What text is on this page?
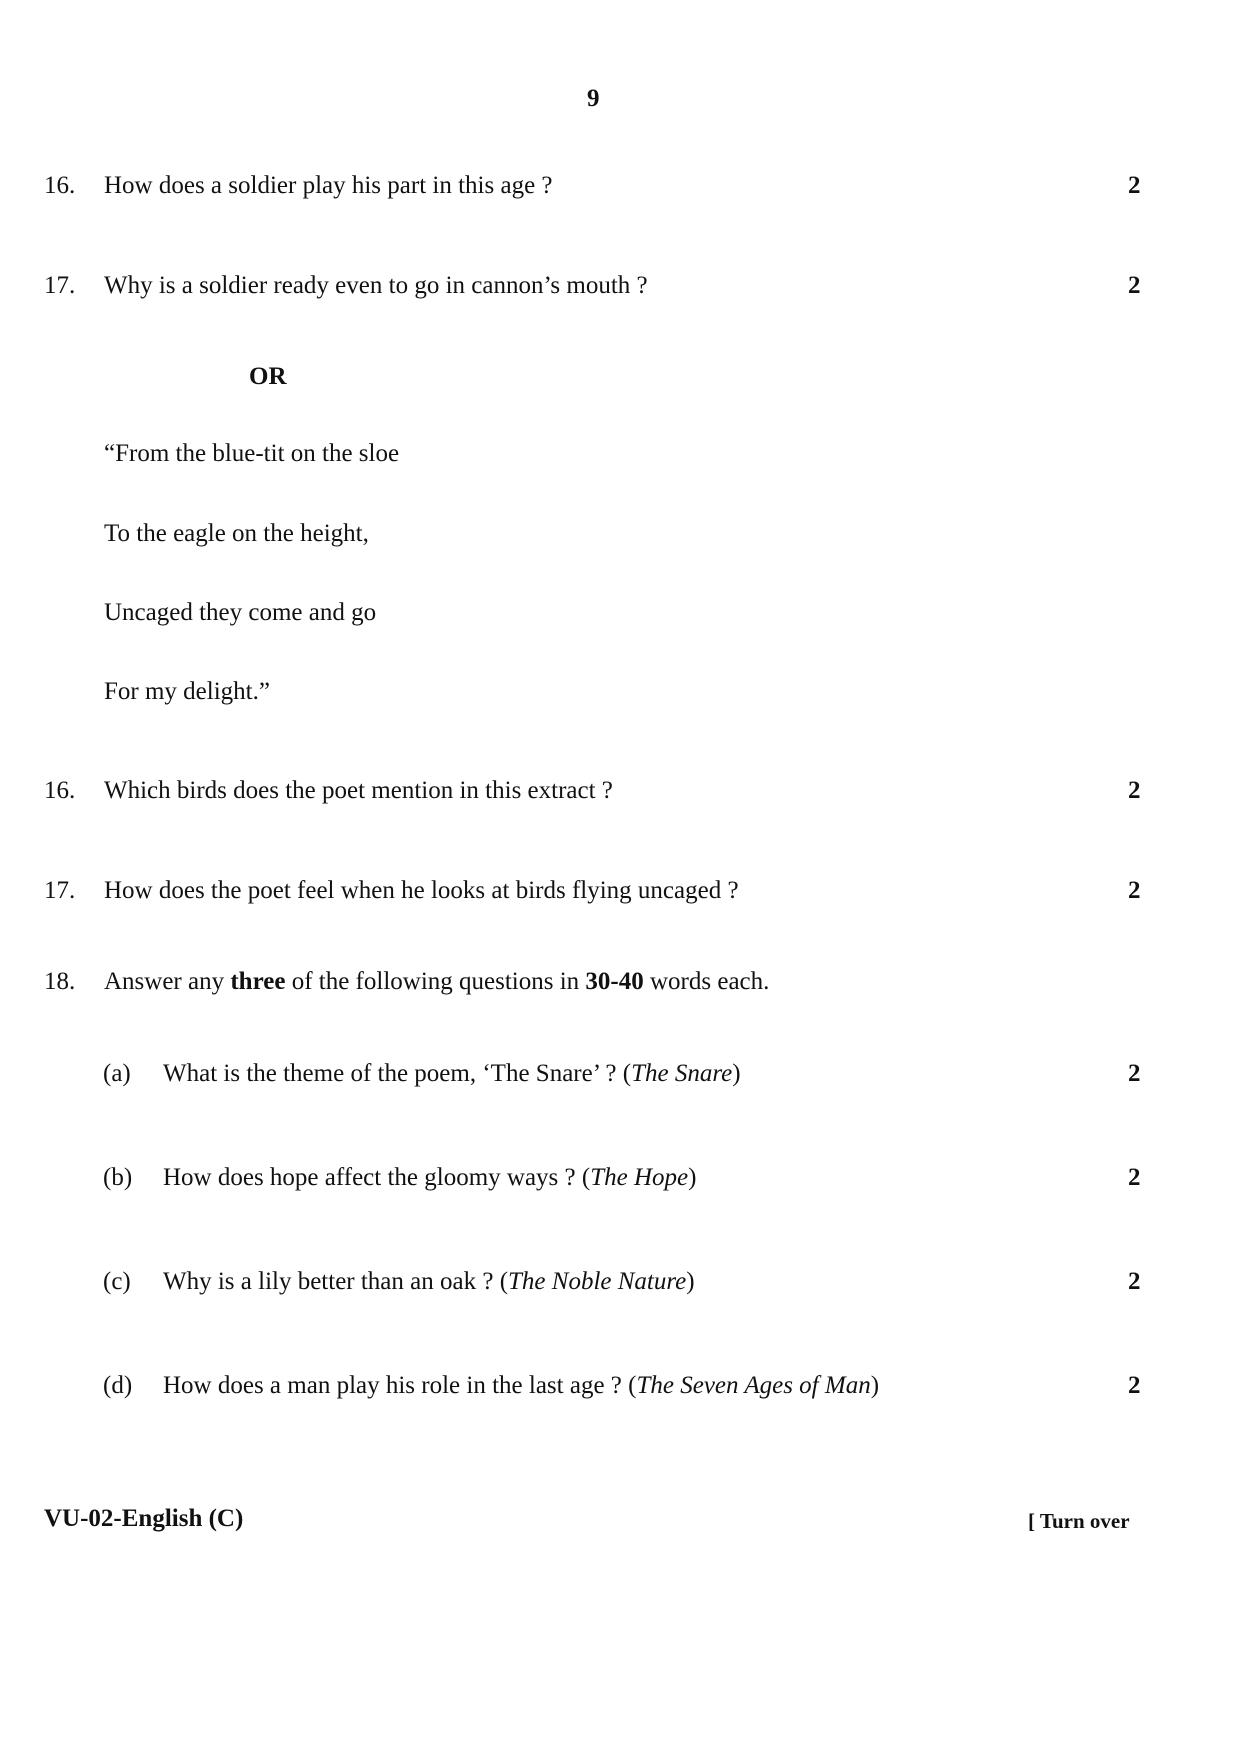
9
16. How does a soldier play his part in this age ?	2
17. Why is a soldier ready even to go in cannon’s mouth ?	2
OR
“From the blue-tit on the sloe
To the eagle on the height,
Uncaged they come and go
For my delight.”
16. Which birds does the poet mention in this extract ?	2
17. How does the poet feel when he looks at birds flying uncaged ?	2
18. Answer any three of the following questions in 30-40 words each.
(a) What is the theme of the poem, ‘The Snare’ ? (The Snare)	2
(b) How does hope affect the gloomy ways ? (The Hope)	2
(c) Why is a lily better than an oak ? (The Noble Nature)	2
(d) How does a man play his role in the last age ? (The Seven Ages of Man)	2
VU-02-English (C)	[ Turn over
